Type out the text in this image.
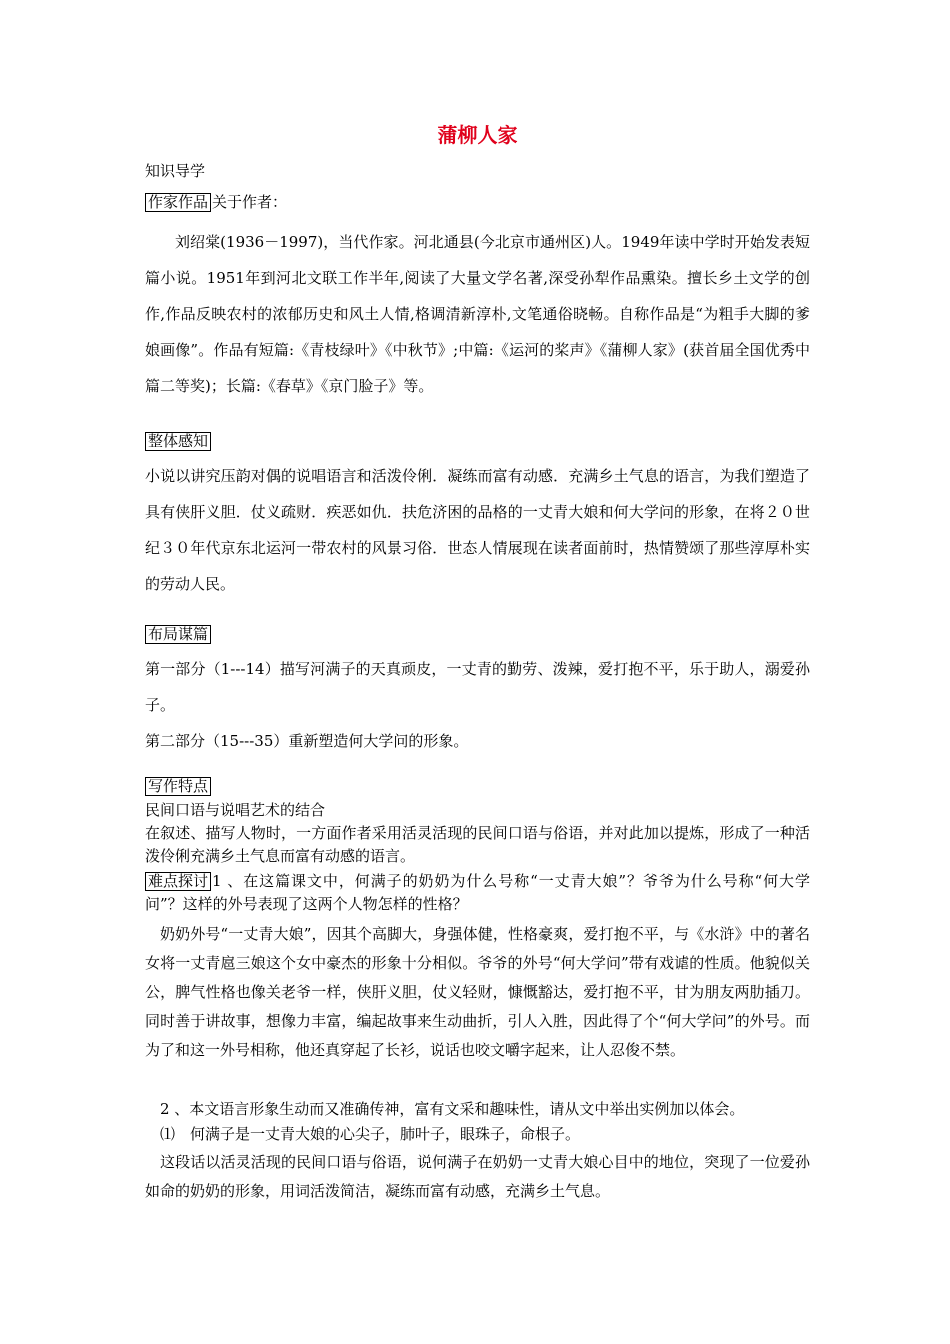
蒲柳人家
知识导学
作家作品 关于作者：
刘绍棠(1936－1997)，当代作家。河北通县(今北京市通州区)人。1949年读中学时开始发表短篇小说。1951年到河北文联工作半年,阅读了大量文学名著,深受孙犁作品熏染。擅长乡土文学的创作,作品反映农村的浓郁历史和风土人情,格调清新淳朴,文笔通俗晓畅。自称作品是“为粗手大脚的爹娘画像”。作品有短篇:《青枝绿叶》《中秋节》;中篇:《运河的桨声》《蒲柳人家》(获首届全国优秀中篇二等奖)；长篇:《春草》《京门脸子》等。
整体感知
小说以讲究压韵对偶的说唱语言和活泼伶俐．凝练而富有动感．充满乡土气息的语言，为我们塑造了具有侠肝义胆．仗义疏财．疾恶如仇．扶危济困的品格的一丈青大娘和何大学问的形象，在将２０世纪３０年代京东北运河一带农村的风景习俗．世态人情展现在读者面前时，热情赞颂了那些淳厚朴实的劳动人民。
布局谋篇
第一部分（1---14）描写河满子的天真顽皮，一丈青的勤劳、泼辣，爱打抱不平，乐于助人，溺爱孙子。
第二部分（15---35）重新塑造何大学问的形象。
写作特点
民间口语与说唱艺术的结合
在叙述、描写人物时，一方面作者采用活灵活现的民间口语与俗语，并对此加以提炼，形成了一种活泼伶俐充满乡土气息而富有动感的语言。
难点探讨 1 、在这篇课文中，何满子的奶奶为什么号称“一丈青大娘”？爷爷为什么号称“何大学问”？这样的外号表现了这两个人物怎样的性格？
奶奶外号“一丈青大娘”，因其个高脚大，身强体健，性格豪爽，爱打抱不平，与《水浒》中的著名女将一丈青扈三娘这个女中豪杰的形象十分相似。爷爷的外号“何大学问”带有戏谑的性质。他貌似关公，脾气性格也像关老爷一样，侠肝义胆，仗义轻财，慷慨豁达，爱打抱不平，甘为朋友两肋插刀。同时善于讲故事，想像力丰富，编起故事来生动曲折，引人入胜，因此得了个“何大学问”的外号。而为了和这一外号相称，他还真穿起了长衫，说话也咬文嚼字起来，让人忍俊不禁。
2 、本文语言形象生动而又准确传神，富有文采和趣味性，请从文中举出实例加以体会。
⑴　何满子是一丈青大娘的心尖子，肺叶子，眼珠子，命根子。
这段话以活灵活现的民间口语与俗语，说何满子在奶奶一丈青大娘心目中的地位，突现了一位爱孙如命的奶奶的形象，用词活泼简洁，凝练而富有动感，充满乡土气息。
